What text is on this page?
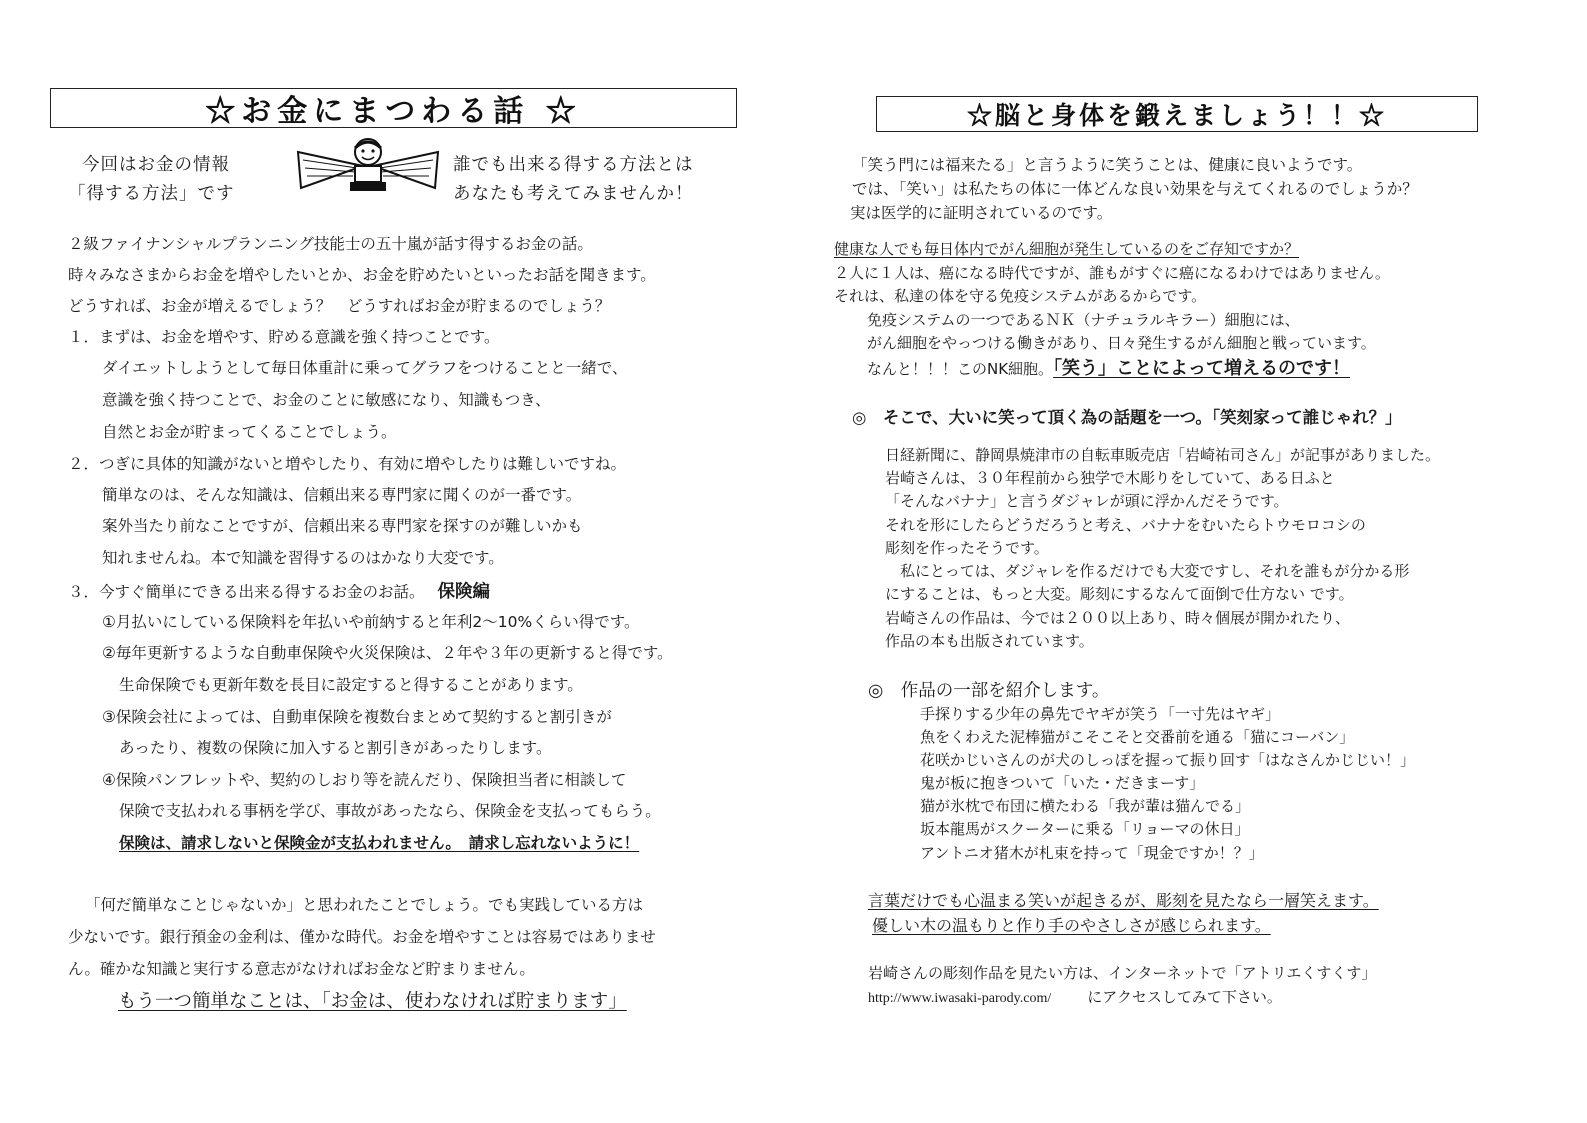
☆お金にまつわる話 ☆
今回はお金の情報
「得する方法」です
誰でも出来る得する方法とは
あなたも考えてみませんか！
２級ファイナンシャルプランニング技能士の五十嵐が話す得するお金の話。
時々みなさまからお金を増やしたいとか、お金を貯めたいといったお話を聞きます。
どうすれば、お金が増えるでしょう？　どうすればお金が貯まるのでしょう？
１．まずは、お金を増やす、貯める意識を強く持つことです。
ダイエットしようとして毎日体重計に乗ってグラフをつけることと一緒で、
意識を強く持つことで、お金のことに敏感になり、知識もつき、
自然とお金が貯まってくることでしょう。
２．つぎに具体的知識がないと増やしたり、有効に増やしたりは難しいですね。
簡単なのは、そんな知識は、信頼出来る専門家に聞くのが一番です。
案外当たり前なことですが、信頼出来る専門家を探すのが難しいかも
知れませんね。本で知識を習得するのはかなり大変です。
３．今すぐ簡単にできる出来る得するお金のお話。 保険編
①月払いにしている保険料を年払いや前納すると年利2～10%くらい得です。
②毎年更新するような自動車保険や火災保険は、２年や３年の更新すると得です。
生命保険でも更新年数を長目に設定すると得することがあります。
③保険会社によっては、自動車保険を複数台まとめて契約すると割引きが
あったり、複数の保険に加入すると割引きがあったりします。
④保険パンフレットや、契約のしおり等を読んだり、保険担当者に相談して
保険で支払われる事柄を学び、事故があったなら、保険金を支払ってもらう。
保険は、請求しないと保険金が支払われません。　請求し忘れないように！
「何だ簡単なことじゃないか」と思われたことでしょう。でも実践している方は
少ないです。銀行預金の金利は、僅かな時代。お金を増やすことは容易ではありませ
ん。確かな知識と実行する意志がなければお金など貯まりません。
もう一つ簡単なことは、「お金は、使わなければ貯まります」
☆脳と身体を鍛えましょう！！☆
「笑う門には福来たる」と言うように笑うことは、健康に良いようです。
では、「笑い」は私たちの体に一体どんな良い効果を与えてくれるのでしょうか？
実は医学的に証明されているのです。
健康な人でも毎日体内でがん細胞が発生しているのをご存知ですか？
２人に１人は、癌になる時代ですが、誰もがすぐに癌になるわけではありません。
それは、私達の体を守る免疫システムがあるからです。
免疫システムの一つであるＮＫ（ナチュラルキラー）細胞には、
がん細胞をやっつける働きがあり、日々発生するがん細胞と戦っています。
なんと！！！このNK細胞。「笑う」ことによって増えるのです！
◎　そこで、大いに笑って頂く為の話題を一つ。「笑刻家って誰じゃれ？」
日経新聞に、静岡県焼津市の自転車販売店「岩崎祐司さん」が記事がありました。
岩崎さんは、３０年程前から独学で木彫りをしていて、ある日ふと
「そんなバナナ」と言うダジャレが頭に浮かんだそうです。
それを形にしたらどうだろうと考え、バナナをむいたらトウモロコシの
彫刻を作ったそうです。
　私にとっては、ダジャレを作るだけでも大変ですし、それを誰もが分かる形
にすることは、もっと大変。彫刻にするなんて面倒で仕方ない です。
岩崎さんの作品は、今では２００以上あり、時々個展が開かれたり、
作品の本も出版されています。
◎　作品の一部を紹介します。
手探りする少年の鼻先でヤギが笑う「一寸先はヤギ」
魚をくわえた泥棒猫がこそこそと交番前を通る「猫にコーバン」
花咲かじいさんのが犬のしっぽを握って振り回す「はなさんかじじい！」
鬼が板に抱きついて「いた・だきまーす」
猫が氷枕で布団に横たわる「我が輩は猫んでる」
坂本龍馬がスクーターに乗る「リョーマの休日」
アントニオ猪木が札束を持って「現金ですか！？」
言葉だけでも心温まる笑いが起きるが、彫刻を見たなら一層笑えます。
優しい木の温もりと作り手のやさしさが感じられます。
岩崎さんの彫刻作品を見たい方は、インターネットで「アトリエくすくす」
http://www.iwasaki-parody.com/ にアクセスしてみて下さい。
